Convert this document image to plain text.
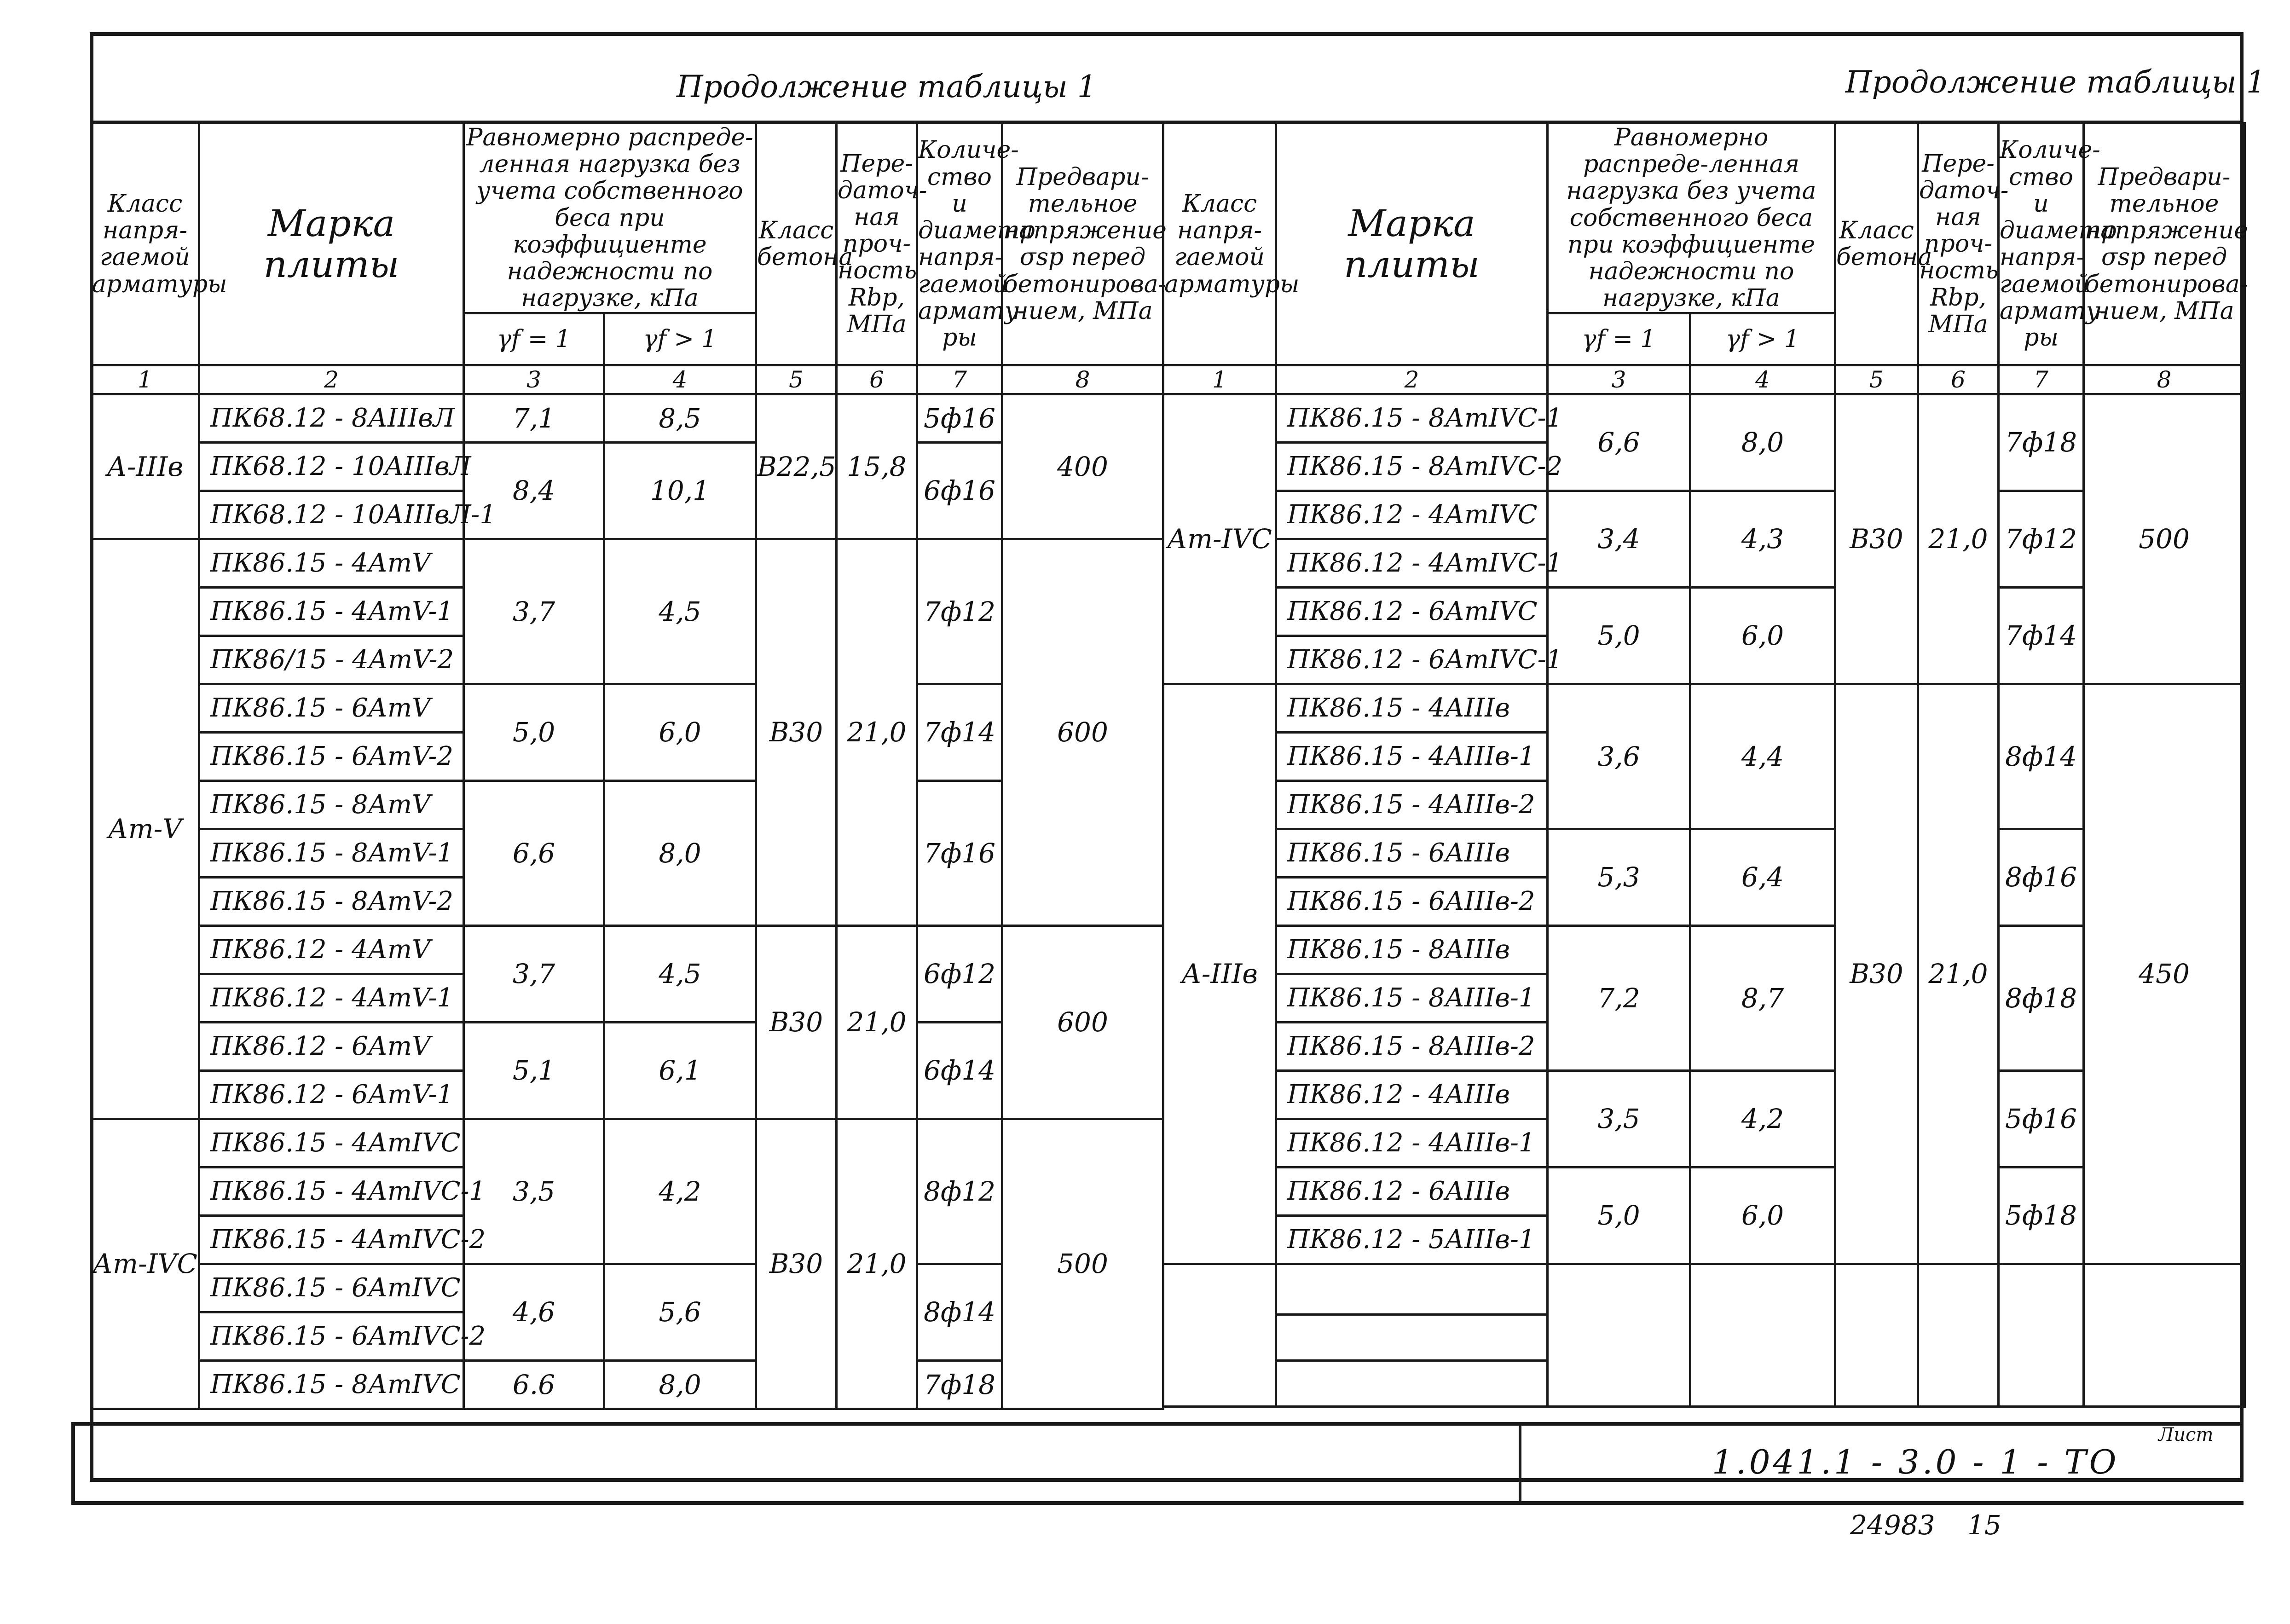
Продолжение таблицы 1	Продолжение таблицы 1
Класс напря-гаемой арматуры	Марка плиты	Равномерно распреде-ленная нагрузка без учета собственного беса при коэффициенте надежности по нагрузке, кПа		Класс бетона	Пере-даточ-ная проч-ность Rbp, МПа	Количе-ство и диаметр напря-гаемой армату-ры	Предвари-тельное напряжение σsp перед бетонирова-нием, МПа
		γf = 1	γf > 1				
1	2	3	4	5	6	7	8
А-IIIв	ПК68.12 - 8АIIIвЛ	7,1	8,5	В22,5	15,8	5ф16	400
	ПК68.12 - 10АIIIвЛ	8,4	10,1			6ф16	
	ПК68.12 - 10АIIIвЛ-1						
Ат-V	ПК86.15 - 4АтV	3,7	4,5	В30	21,0	7ф12	600
	ПК86.15 - 4АтV-1						
	ПК86/15 - 4АтV-2						
	ПК86.15 - 6АтV	5,0	6,0			7ф14	
	ПК86.15 - 6АтV-2						
	ПК86.15 - 8АтV	6,6	8,0			7ф16	
	ПК86.15 - 8АтV-1						
	ПК86.15 - 8АтV-2						
	ПК86.12 - 4АтV	3,7	4,5	В30	21,0	6ф12	600
	ПК86.12 - 4АтV-1						
	ПК86.12 - 6АтV	5,1	6,1			6ф14	
	ПК86.12 - 6АтV-1						
Ат-IVС	ПК86.15 - 4АтIVС	3,5	4,2	В30	21,0	8ф12	500
	ПК86.15 - 4АтIVС-1						
	ПК86.15 - 4АтIVС-2						
	ПК86.15 - 6АтIVС	4,6	5,6			8ф14	
	ПК86.15 - 6АтIVС-2						
	ПК86.15 - 8АтIVС	6.6	8,0			7ф18	
Класс напря-гаемой арматуры	Марка плиты	Равномерно распреде-ленная нагрузка без учета собственного беса при коэффициенте надежности по нагрузке, кПа		Класс бетона	Пере-даточ-ная проч-ность Rbp, МПа	Количе-ство и диаметр напря-гаемой армату-ры	Предвари-тельное напряжение σsp перед бетонирова-нием, МПа
		γf = 1	γf > 1				
1	2	3	4	5	6	7	8
Ат-IVС	ПК86.15 - 8АтIVС-1	6,6	8,0	В30	21,0	7ф18	500
	ПК86.15 - 8АтIVС-2						
	ПК86.12 - 4АтIVС	3,4	4,3			7ф12	
	ПК86.12 - 4АтIVС-1						
	ПК86.12 - 6АтIVС	5,0	6,0			7ф14	
	ПК86.12 - 6АтIVС-1						
А-IIIв	ПК86.15 - 4АIIIв	3,6	4,4	В30	21,0	8ф14	450
	ПК86.15 - 4АIIIв-1						
	ПК86.15 - 4АIIIв-2						
	ПК86.15 - 6АIIIв	5,3	6,4			8ф16	
	ПК86.15 - 6АIIIв-2						
	ПК86.15 - 8АIIIв	7,2	8,7			8ф18	
	ПК86.15 - 8АIIIв-1						
	ПК86.15 - 8АIIIв-2						
	ПК86.12 - 4АIIIв	3,5	4,2			5ф16	
	ПК86.12 - 4АIIIв-1						
	ПК86.12 - 6АIIIв	5,0	6,0			5ф18	
	ПК86.12 - 5АIIIв-1						

1.041.1 - 3.0 - 1 - ТО
Лист
24983 15
